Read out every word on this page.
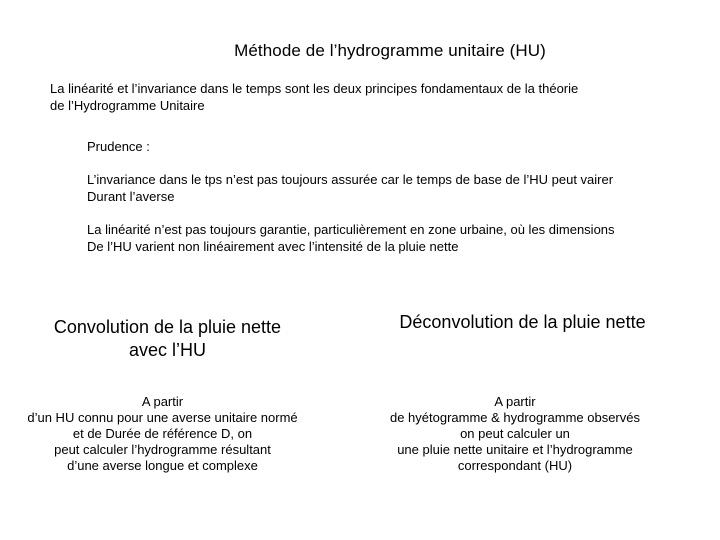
Méthode de l’hydrogramme unitaire (HU)
La linéarité et l’invariance dans le temps sont les deux principes fondamentaux de la théorie
de l’Hydrogramme Unitaire
Prudence :
L’invariance dans le tps n’est pas toujours assurée car le temps de base de l’HU peut vairer
Durant l’averse
La linéarité n’est pas toujours garantie, particulièrement en zone urbaine, où les dimensions
De l’HU varient non linéairement avec l’intensité de la pluie nette
Convolution de la pluie nette
avec l’HU
Déconvolution de la pluie nette
A partir
d’un HU connu pour une averse unitaire normé
et de Durée de référence D, on
peut calculer l’hydrogramme résultant
d’une averse longue et complexe
A partir
de hyétogramme & hydrogramme observés
on peut calculer un
une pluie nette unitaire et l’hydrogramme
correspondant (HU)
